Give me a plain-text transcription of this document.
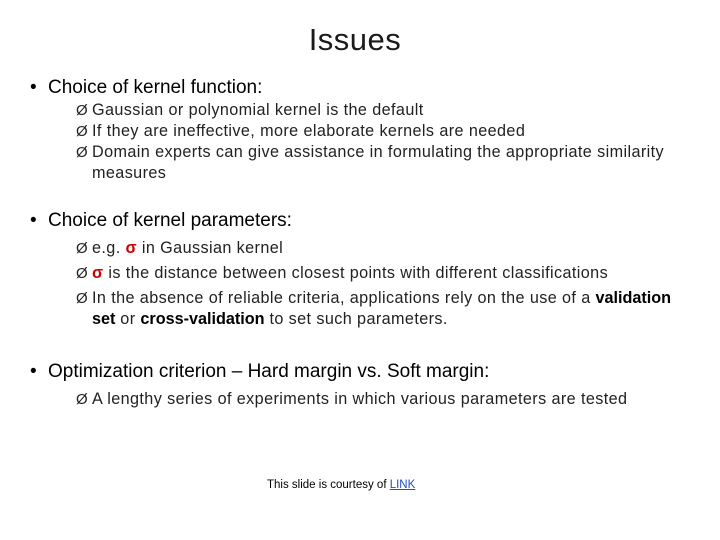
Issues
• Choice of kernel function:
Ø Gaussian or polynomial kernel is the default
Ø If they are ineffective, more elaborate kernels are needed
Ø Domain experts can give assistance in formulating the appropriate similarity measures
• Choice of kernel parameters:
Ø e.g. σ in Gaussian kernel
Ø σ is the distance between closest points with different classifications
Ø In the absence of reliable criteria, applications rely on the use of a validation set or cross-validation to set such parameters.
• Optimization criterion – Hard margin vs. Soft margin:
Ø A lengthy series of experiments in which various parameters are tested
This slide is courtesy of LINK
